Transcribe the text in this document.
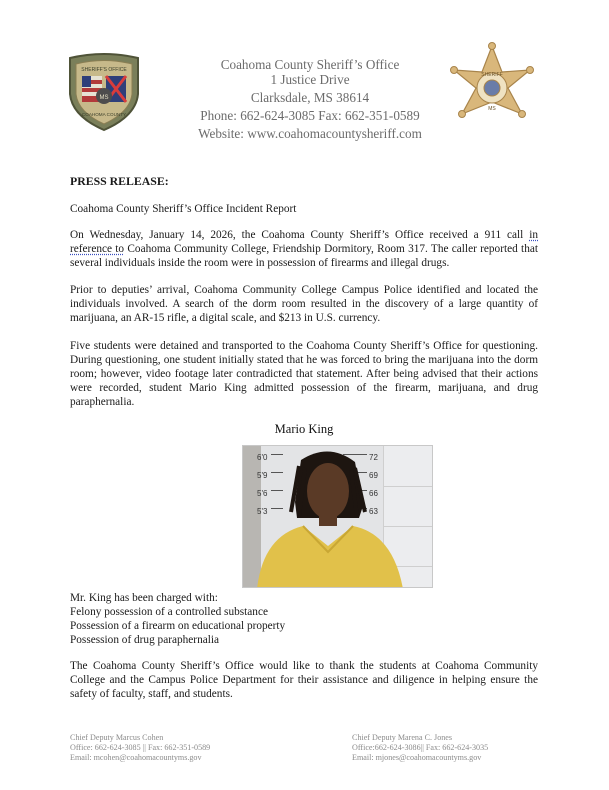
MS
SHERIFF'S OFFICE
COAHOMA COUNTY
Coahoma County Sheriff’s Office
1 Justice Drive
Clarksdale, MS 38614
Phone: 662-624-3085 Fax: 662-351-0589
Website: www.coahomacountysheriff.com
SHERIFF
MS
PRESS RELEASE:
Coahoma County Sheriff’s Office Incident Report
On Wednesday, January 14, 2026, the Coahoma County Sheriff’s Office received a 911 call in reference to Coahoma Community College, Friendship Dormitory, Room 317. The caller reported that several individuals inside the room were in possession of firearms and illegal drugs.
Prior to deputies’ arrival, Coahoma Community College Campus Police identified and located the individuals involved. A search of the dorm room resulted in the discovery of a large quantity of marijuana, an AR-15 rifle, a digital scale, and $213 in U.S. currency.
Five students were detained and transported to the Coahoma County Sheriff’s Office for questioning. During questioning, one student initially stated that he was forced to bring the marijuana into the dorm room; however, video footage later contradicted that statement. After being advised that their actions were recorded, student Mario King admitted possession of the firearm, marijuana, and drug paraphernalia.
Mario King
6'0
5'9
5'6
5'3
72
69
66
63
Mr. King has been charged with:
Felony possession of a controlled substance
Possession of a firearm on educational property
Possession of drug paraphernalia
The Coahoma County Sheriff’s Office would like to thank the students at Coahoma Community College and the Campus Police Department for their assistance and diligence in helping ensure the safety of faculty, staff, and students.
Chief Deputy Marcus Cohen
Office: 662-624-3085 || Fax: 662-351-0589
Email: mcohen@coahomacountyms.gov
Chief Deputy Marena C. Jones
Office:662-624-3086|| Fax: 662-624-3035
Email: mjones@coahomacountyms.gov
